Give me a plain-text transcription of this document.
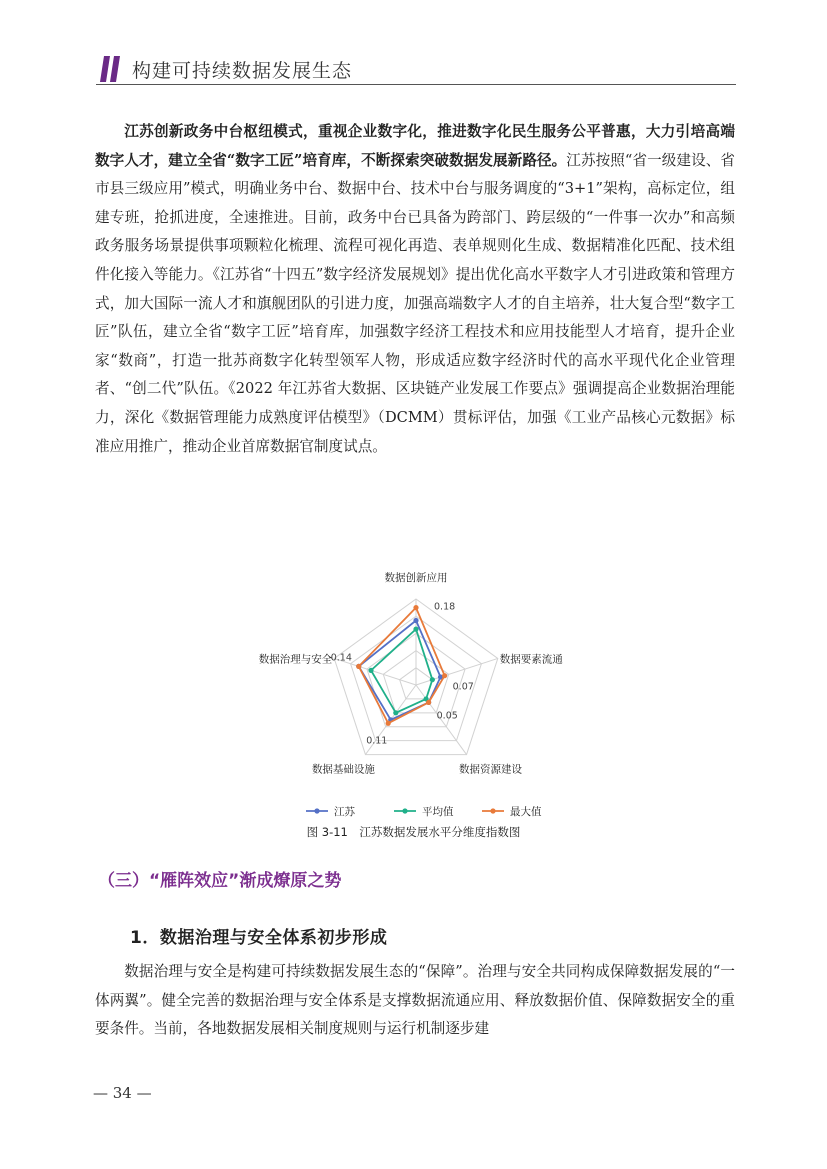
构建可持续数据发展生态

江苏创新政务中台枢纽模式，重视企业数字化，推进数字化民生服务公平普惠，大力引培高端数字人才，建立全省“数字工匠”培育库，不断探索突破数据发展新路径。江苏按照“省一级建设、省市县三级应用”模式，明确业务中台、数据中台、技术中台与服务调度的“3+1”架构，高标定位，组建专班，抢抓进度，全速推进。目前，政务中台已具备为跨部门、跨层级的“一件事一次办”和高频政务服务场景提供事项颗粒化梳理、流程可视化再造、表单规则化生成、数据精准化匹配、技术组件化接入等能力。《江苏省“十四五”数字经济发展规划》提出优化高水平数字人才引进政策和管理方式，加大国际一流人才和旗舰团队的引进力度，加强高端数字人才的自主培养，壮大复合型“数字工匠”队伍，建立全省“数字工匠”培育库，加强数字经济工程技术和应用技能型人才培育，提升企业家“数商”，打造一批苏商数字化转型领军人物，形成适应数字经济时代的高水平现代化企业管理者、“创二代”队伍。《2022 年江苏省大数据、区块链产业发展工作要点》强调提高企业数据治理能力，深化《数据管理能力成熟度评估模型》（DCMM）贯标评估，加强《工业产品核心元数据》标准应用推广，推动企业首席数据官制度试点。

数据创新应用
数据要素流通
数据资源建设
数据基础设施
数据治理与安全
0.18
0.07
0.05
0.11
0.14
江苏	平均值	最大值
图 3-11　江苏数据发展水平分维度指数图
（三）“雁阵效应”渐成燎原之势
1．数据治理与安全体系初步形成

数据治理与安全是构建可持续数据发展生态的“保障”。治理与安全共同构成保障数据发展的“一体两翼”。健全完善的数据治理与安全体系是支撑数据流通应用、释放数据价值、保障数据安全的重要条件。当前，各地数据发展相关制度规则与运行机制逐步建

— 34 —
